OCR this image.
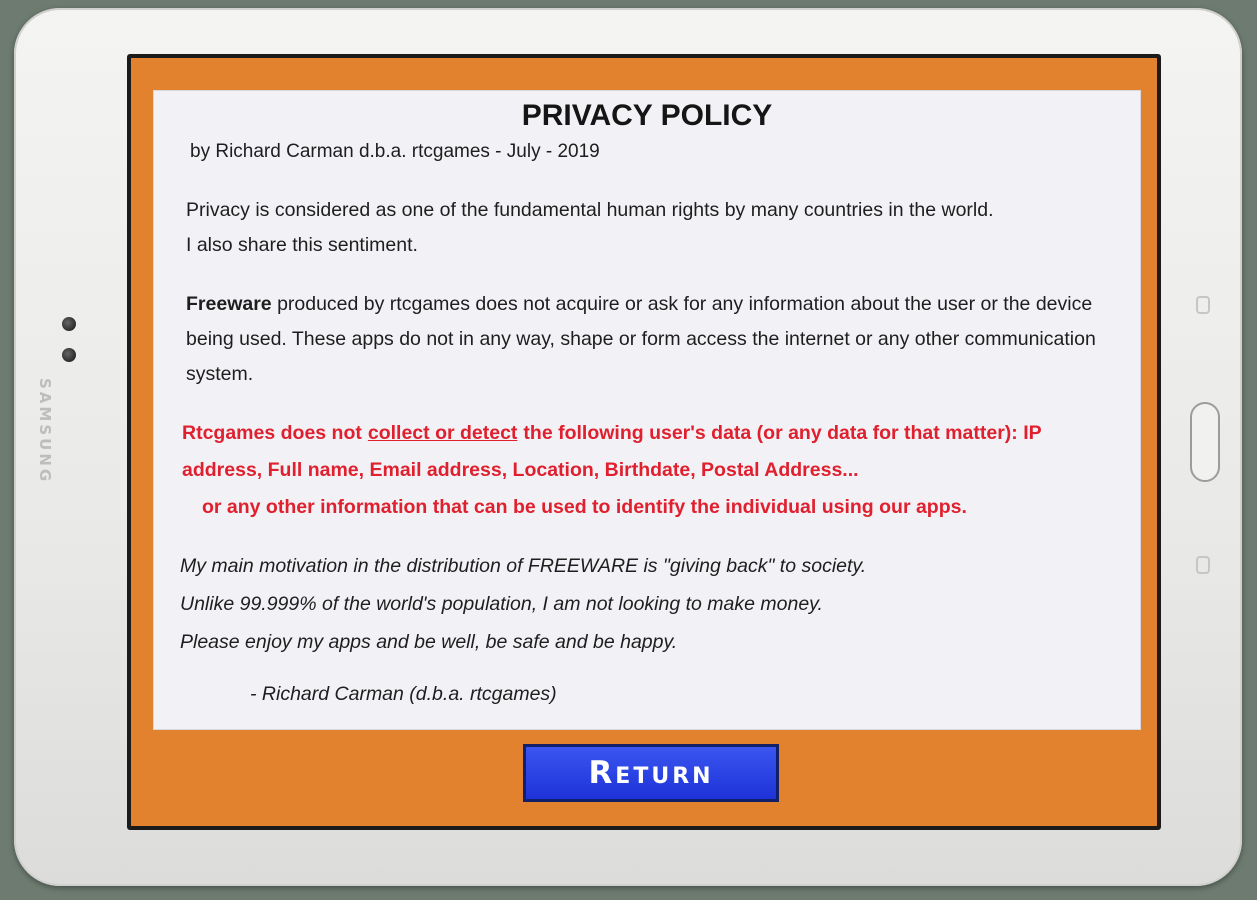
SAMSUNG
PRIVACY POLICY
by Richard Carman d.b.a. rtcgames - July - 2019
Privacy is considered as one of the fundamental human rights by many countries in the world.
I also share this sentiment.
Freeware produced by rtcgames does not acquire or ask for any information about the user or the device being used. These apps do not in any way, shape or form access the internet or any other communication system.
Rtcgames does not collect or detect the following user's data (or any data for that matter): IP address, Full name, Email address, Location, Birthdate, Postal Address...
or any other information that can be used to identify the individual using our apps.
My main motivation in the distribution of FREEWARE is "giving back" to society.
Unlike 99.999% of the world's population, I am not looking to make money.
Please enjoy my apps and be well, be safe and be happy.
- Richard Carman (d.b.a. rtcgames)
Return
